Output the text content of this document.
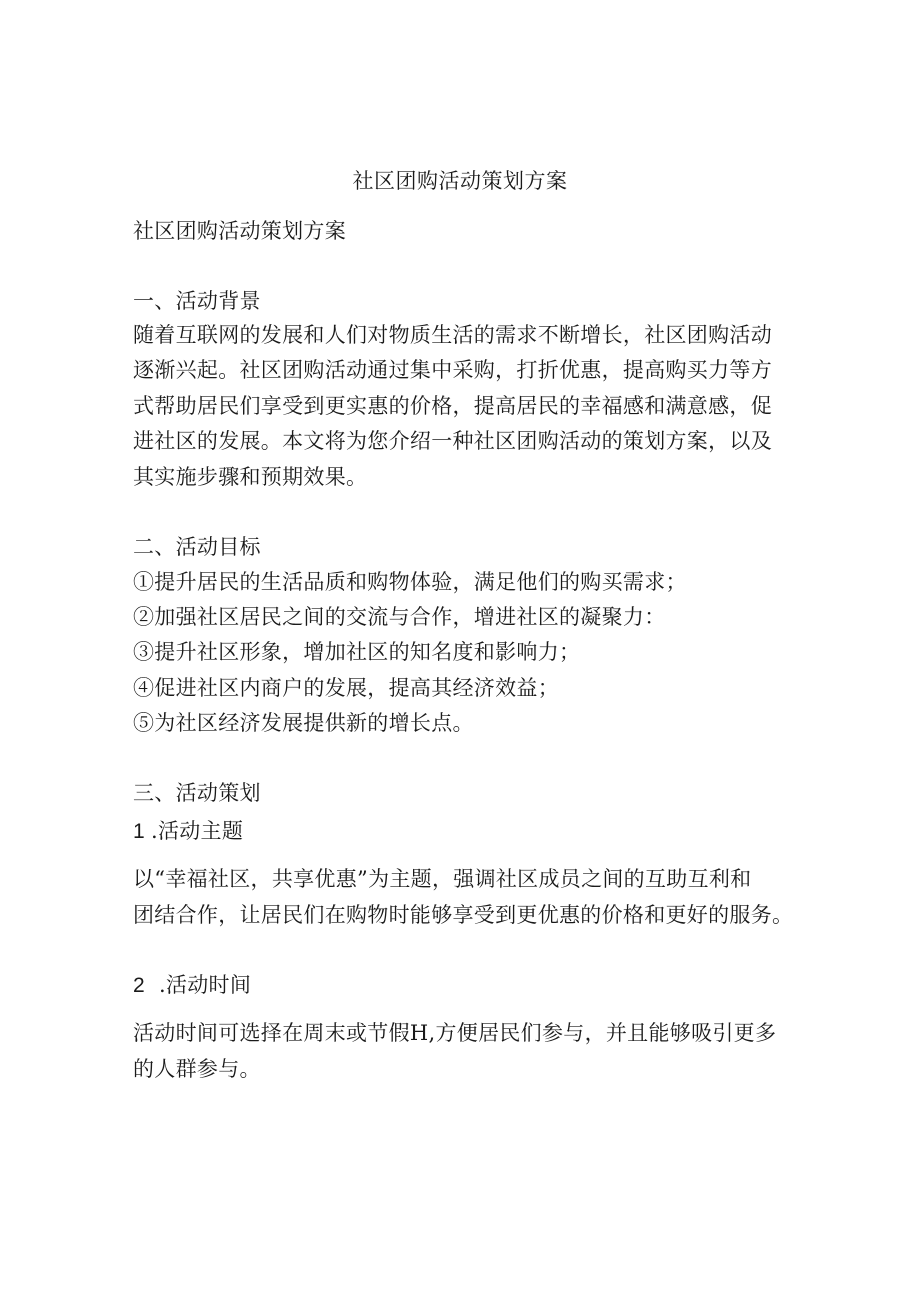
社区团购活动策划方案
社区团购活动策划方案
一、活动背景
随着互联网的发展和人们对物质生活的需求不断增长，社区团购活动
逐渐兴起。社区团购活动通过集中采购，打折优惠，提高购买力等方
式帮助居民们享受到更实惠的价格，提高居民的幸福感和满意感，促
进社区的发展。本文将为您介绍一种社区团购活动的策划方案，以及
其实施步骤和预期效果。
二、活动目标
①提升居民的生活品质和购物体验，满足他们的购买需求；
②加强社区居民之间的交流与合作，增进社区的凝聚力：
③提升社区形象，增加社区的知名度和影响力；
④促进社区内商户的发展，提高其经济效益；
⑤为社区经济发展提供新的增长点。
三、活动策划
1 .活动主题
以“幸福社区，共享优惠”为主题，强调社区成员之间的互助互利和
团结合作，让居民们在购物时能够享受到更优惠的价格和更好的服务。
2 .活动时间
活动时间可选择在周末或节假H,方便居民们参与，并且能够吸引更多
的人群参与。
